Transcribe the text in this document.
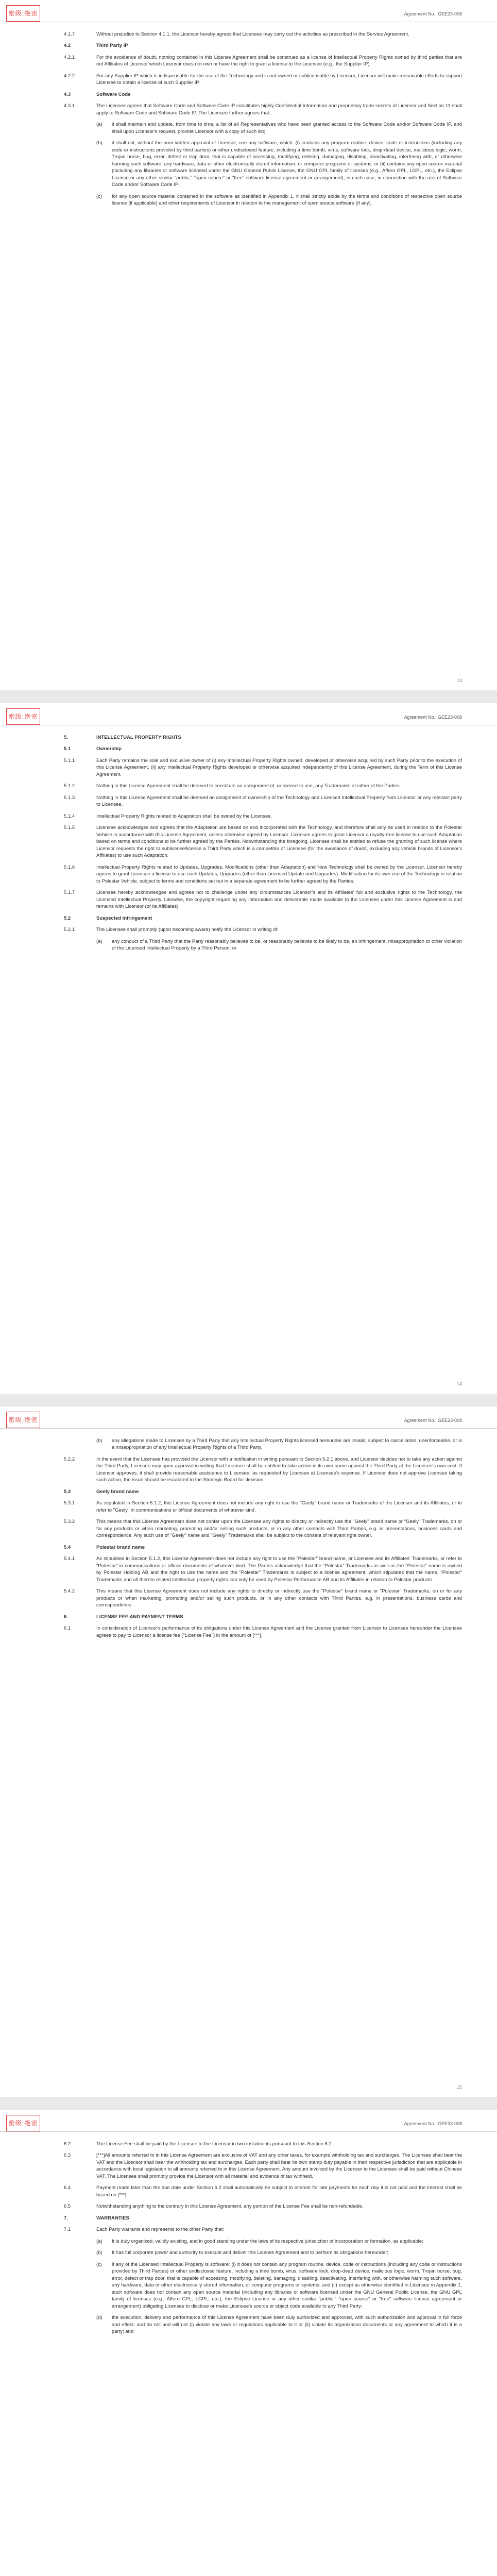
密级:绝密	Agreement No.: GEE23-008
4.1.7	Without prejudice to Section 4.1.1, the Licensor hereby agrees that Licensee may carry out the activities as prescribed in the Service Agreement.
4.2	Third Party IP
4.2.1	For the avoidance of doubt, nothing contained in this License Agreement shall be construed as a license of Intellectual Property Rights owned by third parties that are not Affiliates of Licensor which Licensor does not own or have the right to grant a license to the Licensee (e.g., the Supplier IP).
4.2.2	For any Supplier IP which is indispensable for the use of the Technology and is not owned or sublicensable by Licensor, Licensor will make reasonable efforts to support Licensee to obtain a license of such Supplier IP.
4.3	Software Code
4.3.1	The Licensee agrees that Software Code and Software Code IP constitutes highly Confidential Information and proprietary trade secrets of Licensor and Section 11 shall apply to Software Code and Software Code IP. The Licensee further agrees that:
(a)	it shall maintain and update, from time to time, a list of all Representatives who have been granted access to the Software Code and/or Software Code IP, and shall upon Licensor's request, provide Licensor with a copy of such list;
(b)	it shall not, without the prior written approval of Licensor, use any software, which: (i) contains any program routine, device, code or instructions (including any code or instructions provided by third parties) or other undisclosed feature, including a time bomb, virus, software lock, drop-dead device, malicious logic, worm, Trojan horse, bug, error, defect or trap door, that is capable of accessing, modifying, deleting, damaging, disabling, deactivating, interfering with, or otherwise harming such software, any hardware, data or other electronically stored information, or computer programs or systems; or (ii) contains any open source material (including any libraries or software licensed under the GNU General Public License, the GNU GPL family of licenses (e.g., Affero GPL, LGPL, etc.), the Eclipse License or any other similar "public," "open source" or "free" software license agreement or arrangement), in each case, in connection with the use of Software Code and/or Software Code IP;
(c)	for any open source material contained in the software as identified in Appendix 1, it shall strictly abide by the terms and conditions of respective open source license (if applicable) and other requirements of Licensor in relation to the management of open source software (if any).
13
密级:绝密	Agreement No.: GEE23-008
5.	INTELLECTUAL PROPERTY RIGHTS
5.1	Ownership
5.1.1	Each Party remains the sole and exclusive owner of (i) any Intellectual Property Rights owned, developed or otherwise acquired by such Party prior to the execution of this License Agreement, (ii) any Intellectual Property Rights developed or otherwise acquired independently of this License Agreement, during the Term of this License Agreement.
5.1.2	Nothing in this License Agreement shall be deemed to constitute an assignment of, or license to use, any Trademarks of either of the Parties.
5.1.3	Nothing in this License Agreement shall be deemed an assignment of ownership of the Technology and Licensed Intellectual Property from Licensor or any relevant party to Licensee.
5.1.4	Intellectual Property Rights related to Adaptation shall be owned by the Licensee.
5.1.5	Licensee acknowledges and agrees that the Adaptation are based on and incorporated with the Technology, and therefore shall only be used in relation to the Polestar Vehicle in accordance with this License Agreement, unless otherwise agreed by Licensor. Licensee agrees to grant Licensor a royalty-free license to use such Adaptation based on terms and conditions to be further agreed by the Parties. Notwithstanding the foregoing, Licensee shall be entitled to refuse the granting of such license where Licensor requests the right to sublicense/license a Third Party which is a competitor of Licensee (for the avoidance of doubt, excluding any vehicle brands of Licensor's Affiliates) to use such Adaptation.
5.1.6	Intellectual Property Rights related to Updates, Upgrades, Modifications (other than Adaptation) and New Technology shall be owned by the Licensor. Licensor hereby agrees to grant Licensee a license to use such Updates, Upgrades (other than Licensed Update and Upgrades). Modification for its own use of the Technology in relation to Polestar Vehicle, subject to terms and conditions set out in a separate agreement to be further agreed by the Parties.
5.1.7	Licensee hereby acknowledges and agrees not to challenge under any circumstances Licensor's and its Affiliates' full and exclusive rights to the Technology, the Licensed Intellectual Property. Likewise, the copyright regarding any information and deliverable made available to the Licensee under this License Agreement is and remains with Licensor (or its Affiliates).
5.2	Suspected infringement
5.2.1	The Licensee shall promptly (upon becoming aware) notify the Licensor in writing of:
(a)	any conduct of a Third Party that the Party reasonably believes to be, or reasonably believes to be likely to be, an infringement, misappropriation or other violation of the Licensed Intellectual Property by a Third Person; or
14
密级:绝密	Agreement No.: GEE23-008
(b)	any allegations made to Licensee by a Third Party that any Intellectual Property Rights licensed hereunder are invalid, subject to cancellation, unenforceable, or is a misappropriation of any Intellectual Property Rights of a Third Party.
5.2.2	In the event that the Licensee has provided the Licensor with a notification in writing pursuant to Section 5.2.1 above, and Licensor decides not to take any action against the Third Party, Licensee may upon approval in writing that Licensee shall be entitled to take action in its own name against the Third Party at the Licensee's own cost. If Licensor approves, it shall provide reasonable assistance to Licensee, as requested by Licensee at Licensee's expense. If Licensor does not approve Licensee taking such action, the issue should be escalated to the Strategic Board for decision.
5.3	Geely brand name
5.3.1	As stipulated in Section 5.1.2, this License Agreement does not include any right to use the "Geely" brand name or Trademarks of the Licensor and its Affiliates, or to refer to "Geely" in communications or official documents of whatever kind.
5.3.2	This means that this License Agreement does not confer upon the Licensee any rights to directly or indirectly use the "Geely" brand name or "Geely" Trademarks, on or for any products or when marketing, promoting and/or selling such products, or in any other contacts with Third Parties, e.g. in presentations, business cards and correspondence. Any such use of "Geely" name and "Geely" Trademarks shall be subject to the consent of relevant right owner.
5.4	Polestar brand name
5.4.1	As stipulated in Section 5.1.2, this License Agreement does not include any right to use the "Polestar" brand name, or Licensee and its Affiliates' Trademarks, or refer to "Polestar" in communications or official documents of whatever kind. The Parties acknowledge that the "Polestar" Trademarks as well as the "Polestar" name is owned by Polestar Holding AB and the right to use the name and the "Polestar" Trademarks is subject to a license agreement, which stipulates that the name, "Polestar" Trademarks and all thereto related intellectual property rights can only be used by Polestar Performance AB and its Affiliates in relation to Polestar products.
5.4.2	This means that this License Agreement does not include any rights to directly or indirectly use the "Polestar" brand name or "Polestar" Trademarks, on or for any products or when marketing, promoting and/or selling such products, or in any other contacts with Third Parties, e.g. in presentations, business cards and correspondence.
6.	LICENSE FEE AND PAYMENT TERMS
6.1	In consideration of Licensor's performance of its obligations under this License Agreement and the License granted from Licensor to Licensee hereunder the Licensee agrees to pay to Licensor a license fee ("License Fee") in the amount of [***].
15
密级:绝密	Agreement No.: GEE23-008
6.2	The License Fee shall be paid by the Licensee to the Licensor in two instalments pursuant to this Section 6.2.
6.3	[***]All amounts referred to in this License Agreement are exclusive of VAT and any other taxes, for example withholding tax and surcharges. The Licensee shall bear the VAT and the Licensor shall bear the withholding tax and surcharges. Each party shall bear its own stamp duty payable in their respective jurisdiction that are applicable in accordance with local legislation to all amounts referred to in this License Agreement. Any amount invoiced by the Licensor to the Licensee shall be paid without Chinese VAT. The Licensee shall promptly provide the Licensor with all material and evidence of tax withheld.
6.4	Payment made later than the due date under Section 6.2 shall automatically be subject to interest for late payments for each day it is not paid and the interest shall be based on [***]
6.5	Notwithstanding anything to the contrary in this License Agreement, any portion of the License Fee shall be non-refundable.
7.	WARRANTIES
7.1	Each Party warrants and represents to the other Party that:
(a)	It is duly organized, validly existing, and in good standing under the laws of its respective jurisdiction of incorporation or formation, as applicable;
(b)	It has full corporate power and authority to execute and deliver this License Agreement and to perform its obligations hereunder;
(c)	if any of the Licensed Intellectual Property is software: (i) it does not contain any program routine, device, code or instructions (including any code or instructions provided by Third Parties) or other undisclosed feature, including a time bomb, virus, software lock, drop-dead device, malicious logic, worm, Trojan horse, bug, error, defect or trap door, that is capable of accessing, modifying, deleting, damaging, disabling, deactivating, interfering with, or otherwise harming such software, any hardware, data or other electronically stored information, or computer programs or systems; and (ii) except as otherwise identified in Licensee in Appendix 1, such software does not contain any open source material (including any libraries or software licensed under the GNU General Public License, the GNU GPL family of licenses (e.g., Affero GPL, LGPL, etc.), the Eclipse License or any other similar "public," "open source" or "free" software license agreement or arrangement) obligating Licensee to disclose or make Licensee's source or object code available to any Third Party;
(d)	the execution, delivery and performance of this License Agreement have been duly authorized and approved, with such authorization and approval in full force and effect, and do not and will not (i) violate any laws or regulations applicable to it or (ii) violate its organization documents or any agreement to which it is a party; and
